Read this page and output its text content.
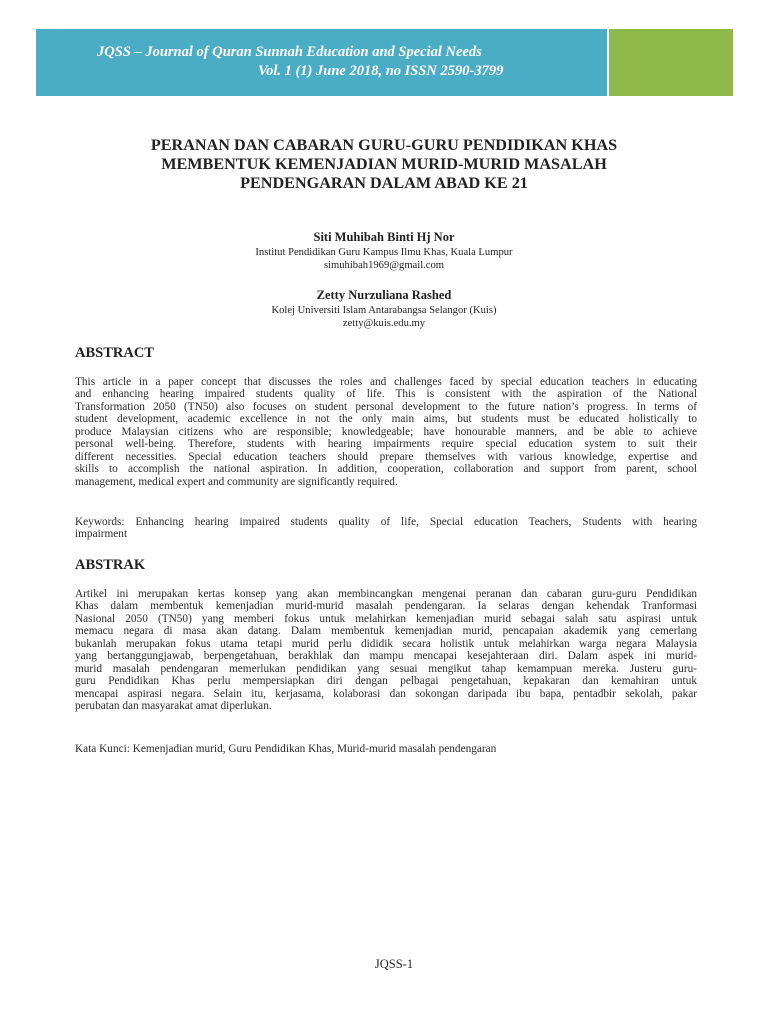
JQSS – Journal of Quran Sunnah Education and Special Needs
Vol. 1 (1) June 2018, no ISSN 2590-3799
PERANAN DAN CABARAN GURU-GURU PENDIDIKAN KHAS
MEMBENTUK KEMENJADIAN MURID-MURID MASALAH
PENDENGARAN DALAM ABAD KE 21
Siti Muhibah Binti Hj Nor
Institut Pendidikan Guru Kampus Ilmu Khas, Kuala Lumpur
simuhibah1969@gmail.com
Zetty Nurzuliana Rashed
Kolej Universiti Islam Antarabangsa Selangor (Kuis)
zetty@kuis.edu.my
ABSTRACT
This article in a paper concept that discusses the roles and challenges faced by special education teachers in educating
and enhancing hearing impaired students quality of life. This is consistent with the aspiration of the National
Transformation 2050 (TN50) also focuses on student personal development to the future nation’s progress. In terms of
student development, academic excellence in not the only main aims, but students must be educated holistically to
produce Malaysian citizens who are responsible; knowledgeable; have honourable manners, and be able to achieve
personal well-being. Therefore, students with hearing impairments require special education system to suit their
different necessities. Special education teachers should prepare themselves with various knowledge, expertise and
skills to accomplish the national aspiration. In addition, cooperation, collaboration and support from parent, school
management, medical expert and community are significantly required.
Keywords: Enhancing hearing impaired students quality of life, Special education Teachers, Students with hearing
impairment
ABSTRAK
Artikel ini merupakan kertas konsep yang akan membincangkan mengenai peranan dan cabaran guru-guru Pendidikan
Khas dalam membentuk kemenjadian murid-murid masalah pendengaran. Ia selaras dengan kehendak Tranformasi
Nasional 2050 (TN50) yang memberi fokus untuk melahirkan kemenjadian murid sebagai salah satu aspirasi untuk
memacu negara di masa akan datang. Dalam membentuk kemenjadian murid, pencapaian akademik yang cemerlang
bukanlah merupakan fokus utama tetapi murid perlu dididik secara holistik untuk melahirkan warga negara Malaysia
yang bertanggungjawab, berpengetahuan, berakhlak dan mampu mencapai kesejahteraan diri. Dalam aspek ini murid-
murid masalah pendengaran memerlukan pendidikan yang sesuai mengikut tahap kemampuan mereka. Justeru guru-
guru Pendidikan Khas perlu mempersiapkan diri dengan pelbagai pengetahuan, kepakaran dan kemahiran untuk
mencapai aspirasi negara. Selain itu, kerjasama, kolaborasi dan sokongan daripada ibu bapa, pentadbir sekolah, pakar
perubatan dan masyarakat amat diperlukan.
Kata Kunci: Kemenjadian murid, Guru Pendidikan Khas, Murid-murid masalah pendengaran
JQSS-1
